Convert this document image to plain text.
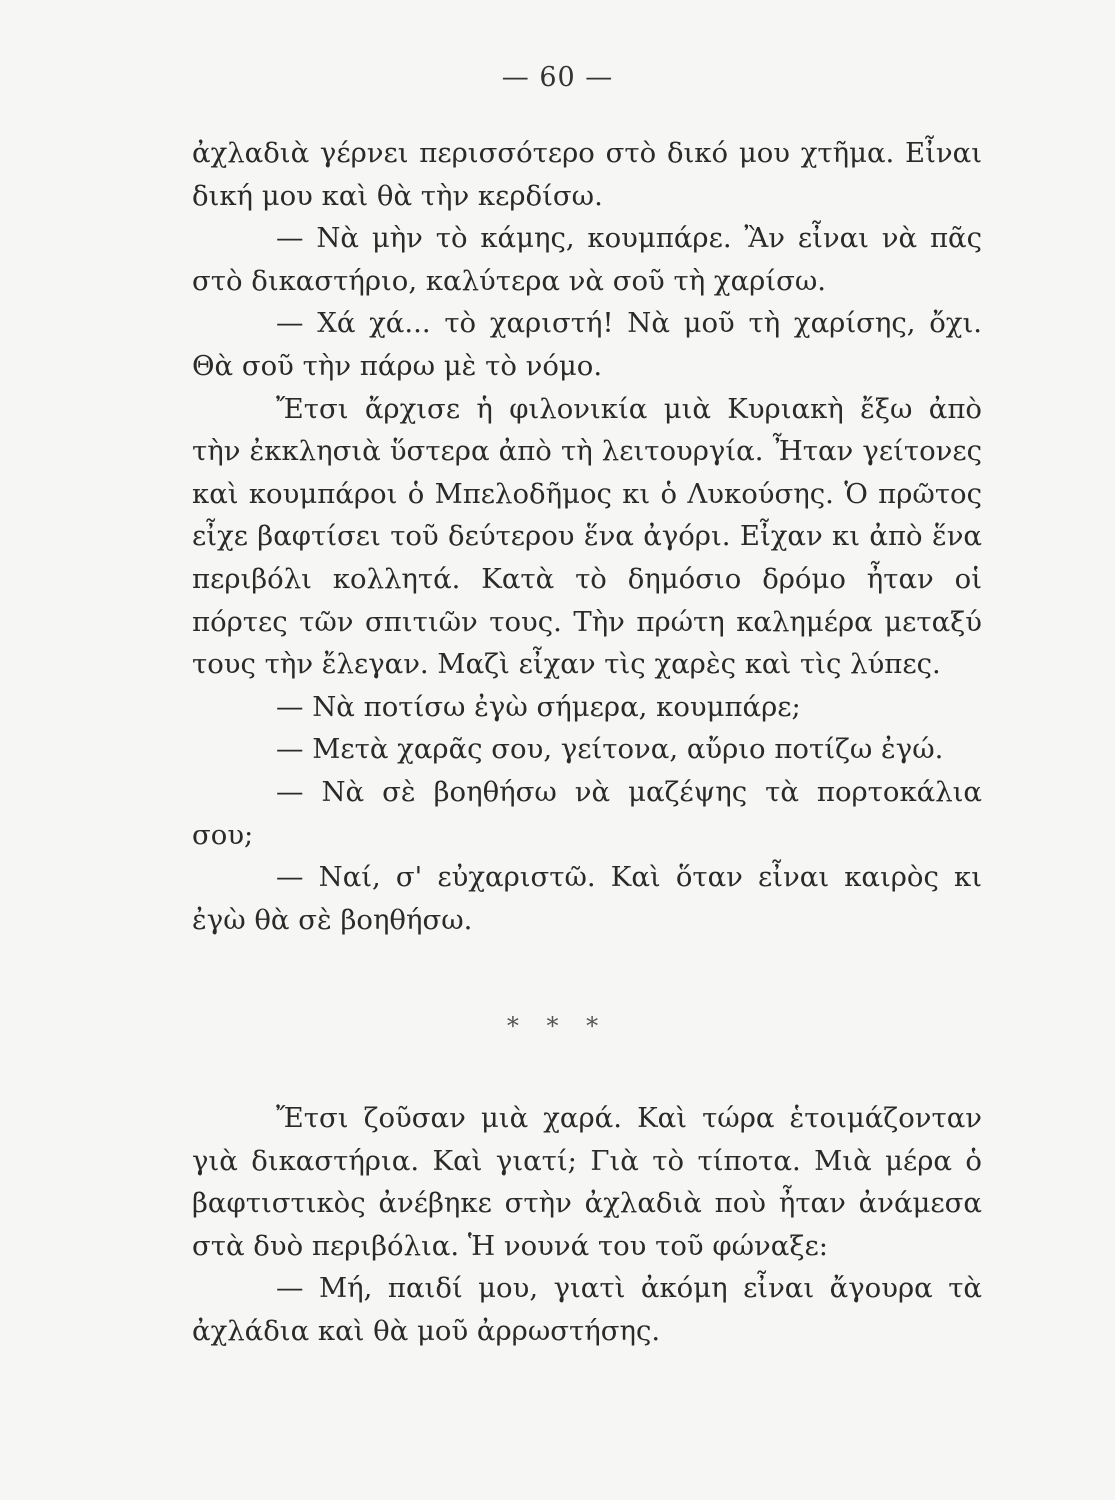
— 60 —

ἀχλαδιὰ γέρνει περισσότερο στὸ δικό μου χτῆμα. Εἶναι δική μου καὶ θὰ τὴν κερδίσω.

— Νὰ μὴν τὸ κάμης, κουμπάρε. Ἂν εἶναι νὰ πᾶς στὸ δικαστήριο, καλύτερα νὰ σοῦ τὴ χαρίσω.

— Χά χά... τὸ χαριστή! Νὰ μοῦ τὴ χαρίσης, ὄχι. Θὰ σοῦ τὴν πάρω μὲ τὸ νόμο.

Ἔτσι ἄρχισε ἡ φιλονικία μιὰ Κυριακὴ ἔξω ἀπὸ τὴν ἐκκλησιὰ ὕστερα ἀπὸ τὴ λειτουργία. Ἦταν γείτονες καὶ κουμπάροι ὁ Μπελοδῆμος κι ὁ Λυκούσης. Ὁ πρῶτος εἶχε βαφτίσει τοῦ δεύτερου ἕνα ἀγόρι. Εἶχαν κι ἀπὸ ἕνα περιβόλι κολλητά. Κατὰ τὸ δημόσιο δρόμο ἦταν οἱ πόρτες τῶν σπιτιῶν τους. Τὴν πρώτη καλημέρα μεταξύ τους τὴν ἔλεγαν. Μαζὶ εἶχαν τὶς χαρὲς καὶ τὶς λύπες.

— Νὰ ποτίσω ἐγὼ σήμερα, κουμπάρε;

— Μετὰ χαρᾶς σου, γείτονα, αὔριο ποτίζω ἐγώ.

— Νὰ σὲ βοηθήσω νὰ μαζέψης τὰ πορτοκάλια σου;

— Ναί, σ' εὐχαριστῶ. Καὶ ὅταν εἶναι καιρὸς κι ἐγὼ θὰ σὲ βοηθήσω.

* * *

Ἔτσι ζοῦσαν μιὰ χαρά. Καὶ τώρα ἑτοιμάζονταν γιὰ δικαστήρια. Καὶ γιατί; Γιὰ τὸ τίποτα. Μιὰ μέρα ὁ βαφτιστικὸς ἀνέβηκε στὴν ἀχλαδιὰ ποὺ ἦταν ἀνάμεσα στὰ δυὸ περιβόλια. Ἡ νουνά του τοῦ φώναξε:

— Μή, παιδί μου, γιατὶ ἀκόμη εἶναι ἄγουρα τὰ ἀχλάδια καὶ θὰ μοῦ ἀρρωστήσης.
